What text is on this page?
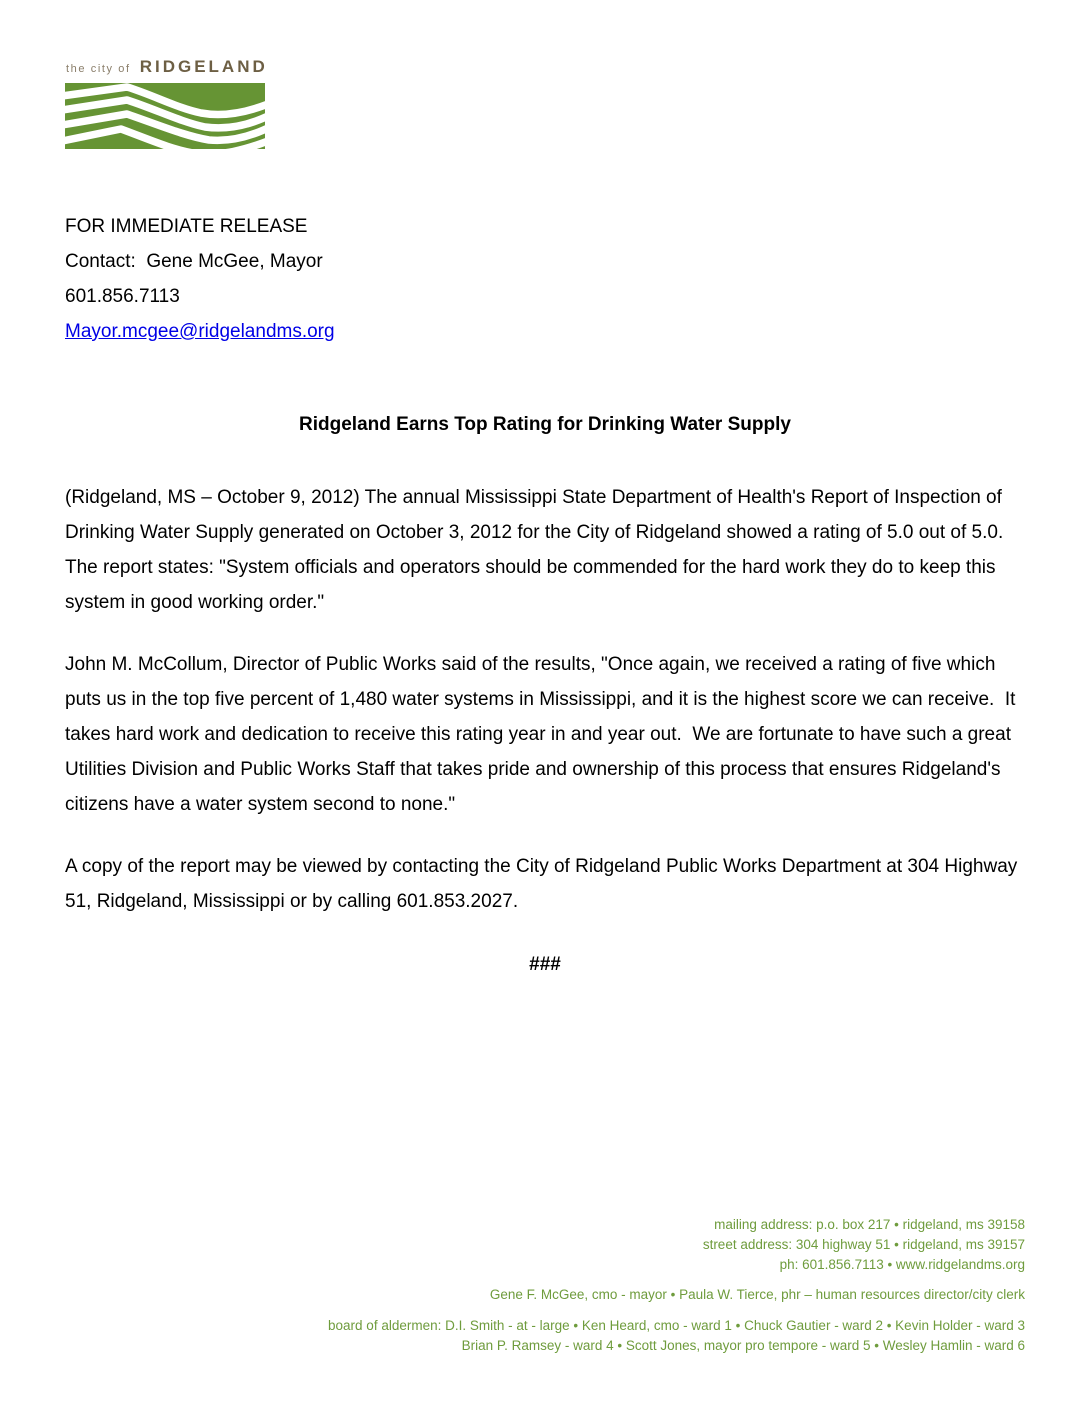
the city of RIDGELAND

FOR IMMEDIATE RELEASE

Contact:  Gene McGee, Mayor

601.856.7113

Mayor.mcgee@ridgelandms.org

Ridgeland Earns Top Rating for Drinking Water Supply

(Ridgeland, MS – October 9, 2012) The annual Mississippi State Department of Health's Report of Inspection of Drinking Water Supply generated on October 3, 2012 for the City of Ridgeland showed a rating of 5.0 out of 5.0.  The report states: "System officials and operators should be commended for the hard work they do to keep this system in good working order."

John M. McCollum, Director of Public Works said of the results, "Once again, we received a rating of five which puts us in the top five percent of 1,480 water systems in Mississippi, and it is the highest score we can receive.  It takes hard work and dedication to receive this rating year in and year out.  We are fortunate to have such a great Utilities Division and Public Works Staff that takes pride and ownership of this process that ensures Ridgeland's citizens have a water system second to none."

A copy of the report may be viewed by contacting the City of Ridgeland Public Works Department at 304 Highway 51, Ridgeland, Mississippi or by calling 601.853.2027.

###

mailing address: p.o. box 217 • ridgeland, ms 39158

street address: 304 highway 51 • ridgeland, ms 39157

ph: 601.856.7113 • www.ridgelandms.org

Gene F. McGee, cmo - mayor • Paula W. Tierce, phr – human resources director/city clerk

board of aldermen: D.I. Smith - at - large • Ken Heard, cmo - ward 1 • Chuck Gautier - ward 2 • Kevin Holder - ward 3

Brian P. Ramsey - ward 4 • Scott Jones, mayor pro tempore - ward 5 • Wesley Hamlin - ward 6
